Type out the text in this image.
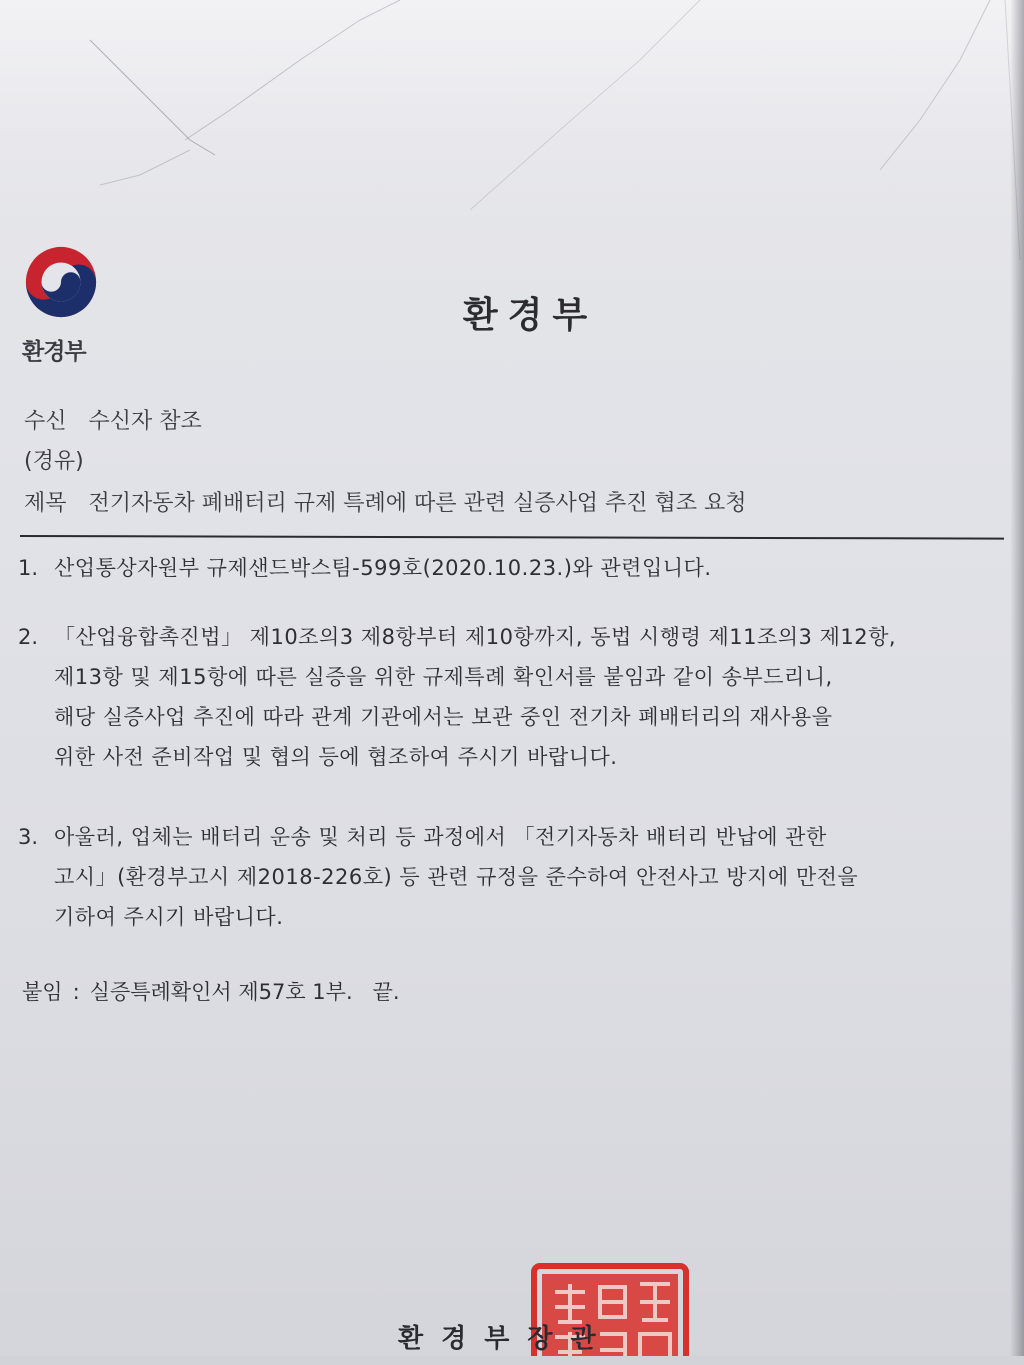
환경부
환경부
수신 수신자 참조
(경유)
제목 전기자동차 폐배터리 규제 특례에 따른 관련 실증사업 추진 협조 요청
1. 산업통상자원부 규제샌드박스팀-599호(2020.10.23.)와 관련입니다.
2. 「산업융합촉진법」 제10조의3 제8항부터 제10항까지, 동법 시행령 제11조의3 제12항,
제13항 및 제15항에 따른 실증을 위한 규제특례 확인서를 붙임과 같이 송부드리니,
해당 실증사업 추진에 따라 관계 기관에서는 보관 중인 전기차 폐배터리의 재사용을
위한 사전 준비작업 및 협의 등에 협조하여 주시기 바랍니다.
3. 아울러, 업체는 배터리 운송 및 처리 등 과정에서 「전기자동차 배터리 반납에 관한
고시」(환경부고시 제2018-226호) 등 관련 규정을 준수하여 안전사고 방지에 만전을
기하여 주시기 바랍니다.
붙임 : 실증특례확인서 제57호 1부. 끝.
환경부장관
